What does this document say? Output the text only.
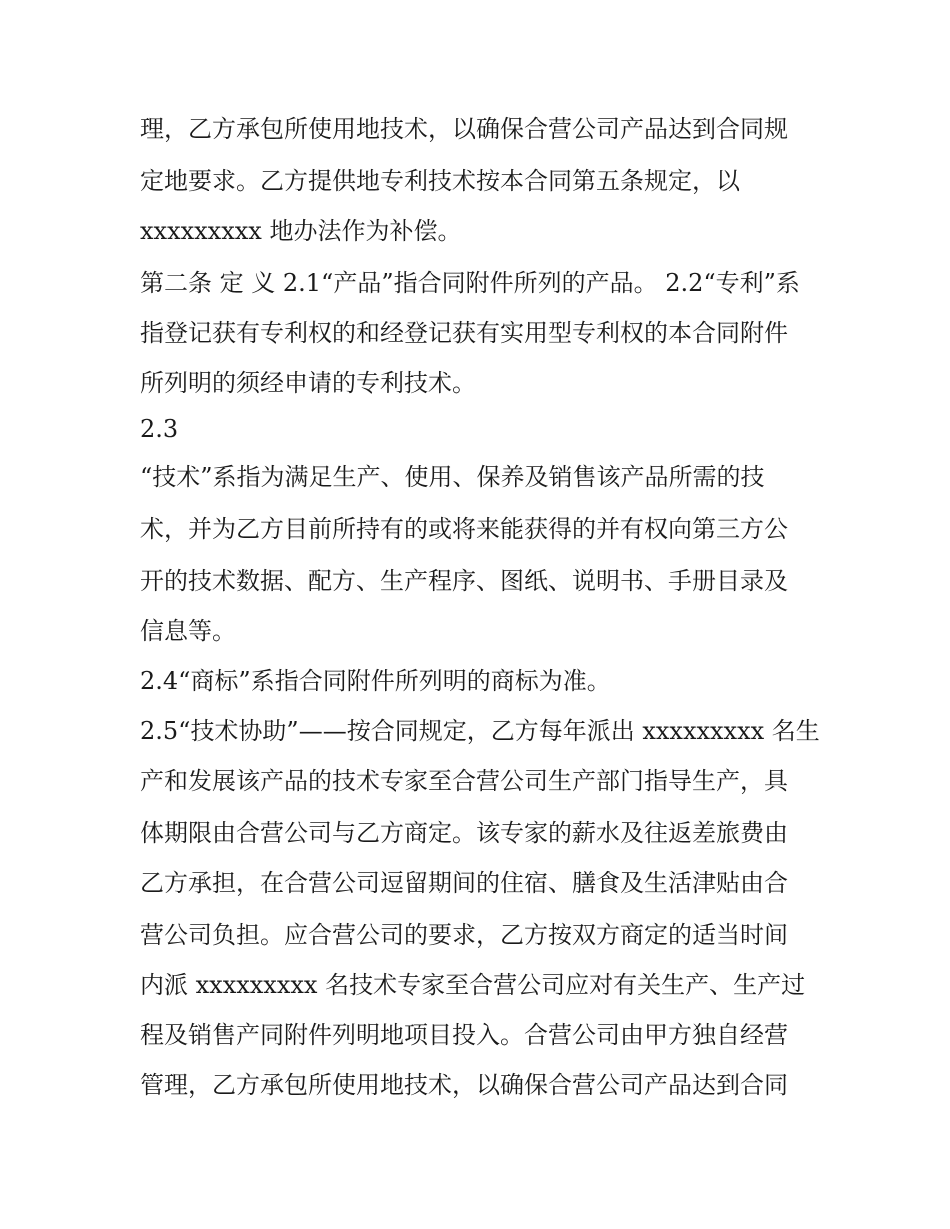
理，乙方承包所使用地技术，以确保合营公司产品达到合同规
定地要求。乙方提供地专利技术按本合同第五条规定，以
xxxxxxxxx 地办法作为补偿。
第二条 定 义 2.1“产品”指合同附件所列的产品。 2.2“专利”系
指登记获有专利权的和经登记获有实用型专利权的本合同附件
所列明的须经申请的专利技术。
2.3
“技术”系指为满足生产、使用、保养及销售该产品所需的技
术，并为乙方目前所持有的或将来能获得的并有权向第三方公
开的技术数据、配方、生产程序、图纸、说明书、手册目录及
信息等。
2.4“商标”系指合同附件所列明的商标为准。
2.5“技术协助”——按合同规定，乙方每年派出 xxxxxxxxx 名生
产和发展该产品的技术专家至合营公司生产部门指导生产，具
体期限由合营公司与乙方商定。该专家的薪水及往返差旅费由
乙方承担，在合营公司逗留期间的住宿、膳食及生活津贴由合
营公司负担。应合营公司的要求，乙方按双方商定的适当时间
内派 xxxxxxxxx 名技术专家至合营公司应对有关生产、生产过
程及销售产同附件列明地项目投入。合营公司由甲方独自经营
管理，乙方承包所使用地技术，以确保合营公司产品达到合同
